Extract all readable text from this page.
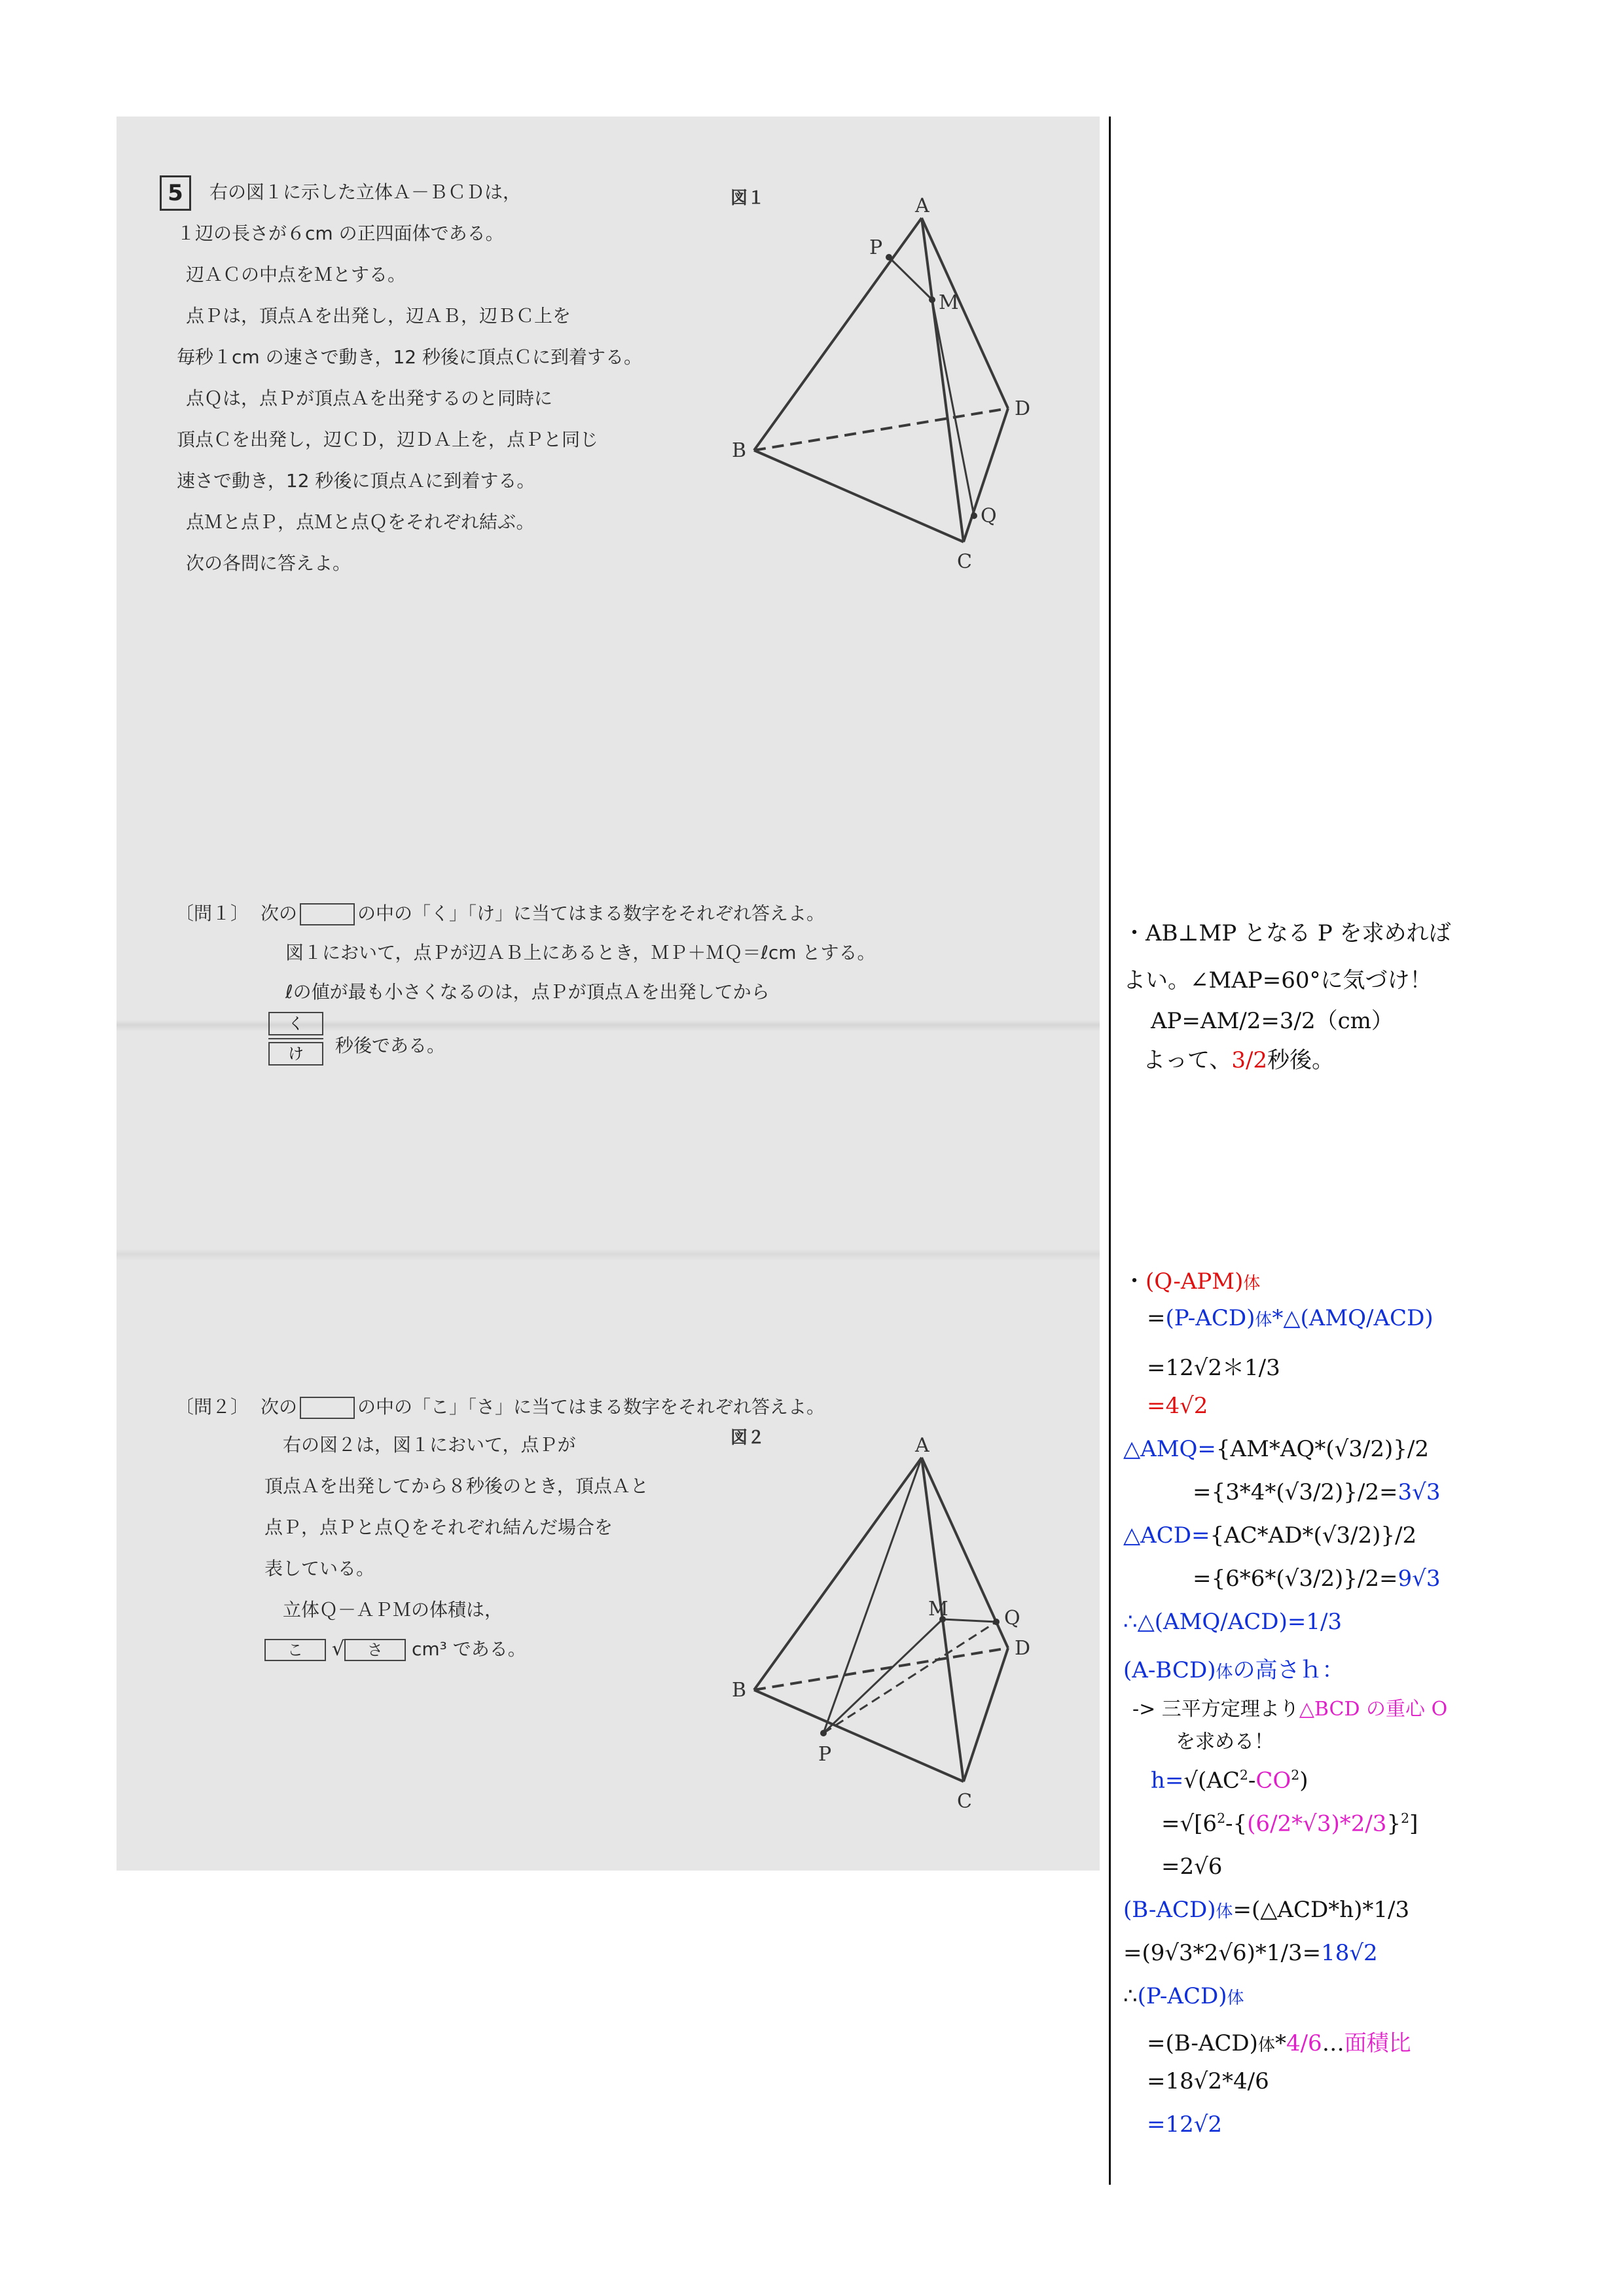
5	右の図１に示した立体Ａ－ＢＣＤは，
１辺の長さが６cm の正四面体である。
辺ＡＣの中点をＭとする。
点Ｐは，頂点Ａを出発し，辺ＡＢ，辺ＢＣ上を
毎秒１cm の速さで動き，12 秒後に頂点Ｃに到着する。
点Ｑは，点Ｐが頂点Ａを出発するのと同時に
頂点Ｃを出発し，辺ＣＤ，辺ＤＡ上を，点Ｐと同じ
速さで動き，12 秒後に頂点Ａに到着する。
点Ｍと点Ｐ，点Ｍと点Ｑをそれぞれ結ぶ。
次の各問に答えよ。
図１	A
B
C
D
M
P
Q
〔問１〕 次の	の中の「く」「け」に当てはまる数字をそれぞれ答えよ。
図１において，点Ｐが辺ＡＢ上にあるとき，ＭＰ＋ＭＱ＝ℓcm とする。
ℓの値が最も小さくなるのは，点Ｐが頂点Ａを出発してから
く
け	秒後である。
〔問２〕 次の	の中の「こ」「さ」に当てはまる数字をそれぞれ答えよ。
右の図２は，図１において，点Ｐが
頂点Ａを出発してから８秒後のとき，頂点Ａと
点Ｐ，点Ｐと点Ｑをそれぞれ結んだ場合を
表している。
立体Ｑ－ＡＰＭの体積は，
こ √ さ cm³ である。
図２	A
B
C
D
M
P
Q
・AB⊥MP となる P を求めれば
よい。∠MAP=60°に気づけ！
AP=AM/2=3/2（cm）
よって、3/2秒後。
・(Q-APM)体
=(P-ACD)体*△(AMQ/ACD)
=12√2＊1/3
=4√2
△AMQ={AM*AQ*(√3/2)}/2
={3*4*(√3/2)}/2=3√3
△ACD={AC*AD*(√3/2)}/2
={6*6*(√3/2)}/2=9√3
∴△(AMQ/ACD)=1/3
(A-BCD)体の高さｈ：
-> 三平方定理より△BCD の重心 O
を求める！
$h=√(AC^2-CO^2)$
$=√[6^2-\{(6/2*√3)*2/3\}^2]$
=2√6
(B-ACD)体=(△ACD*h)*1/3
=(9√3*2√6)*1/3=18√2
∴(P-ACD)体
=(B-ACD)体*4/6…面積比
=18√2*4/6
=12√2
